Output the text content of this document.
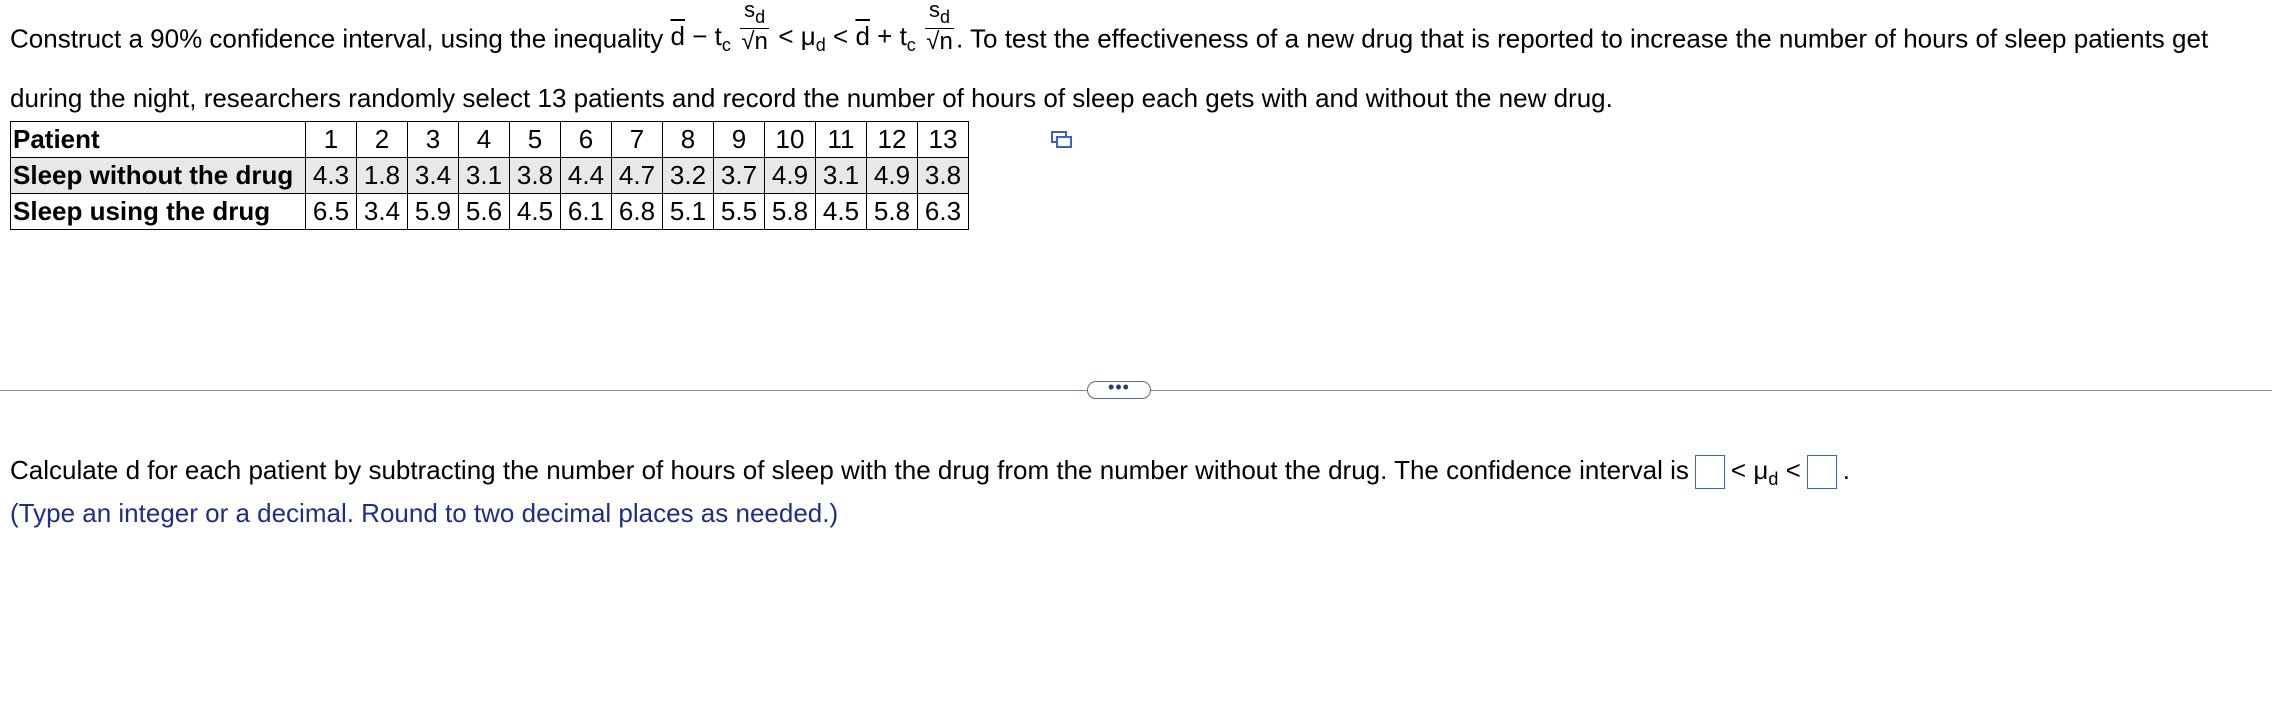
Construct a 90% confidence interval, using the inequality $\overline{d} - t_c \frac{s_d}{√n} < \mu_d < \overline{d} + t_c \frac{s_d}{√n}$ . To test the effectiveness of a new drug that is reported to increase the number of hours of sleep patients get
during the night, researchers randomly select 13 patients and record the number of hours of sleep each gets with and without the new drug.
Patient	1	2	3	4	5	6	7	8	9	10	11	12	13
Sleep without the drug	4.3	1.8	3.4	3.1	3.8	4.4	4.7	3.2	3.7	4.9	3.1	4.9	3.8
Sleep using the drug	6.5	3.4	5.9	5.6	4.5	6.1	6.8	5.1	5.5	5.8	4.5	5.8	6.3
•••
Calculate d for each patient by subtracting the number of hours of sleep with the drug from the number without the drug. The confidence interval is < $\mu_d$ < .
(Type an integer or a decimal. Round to two decimal places as needed.)
